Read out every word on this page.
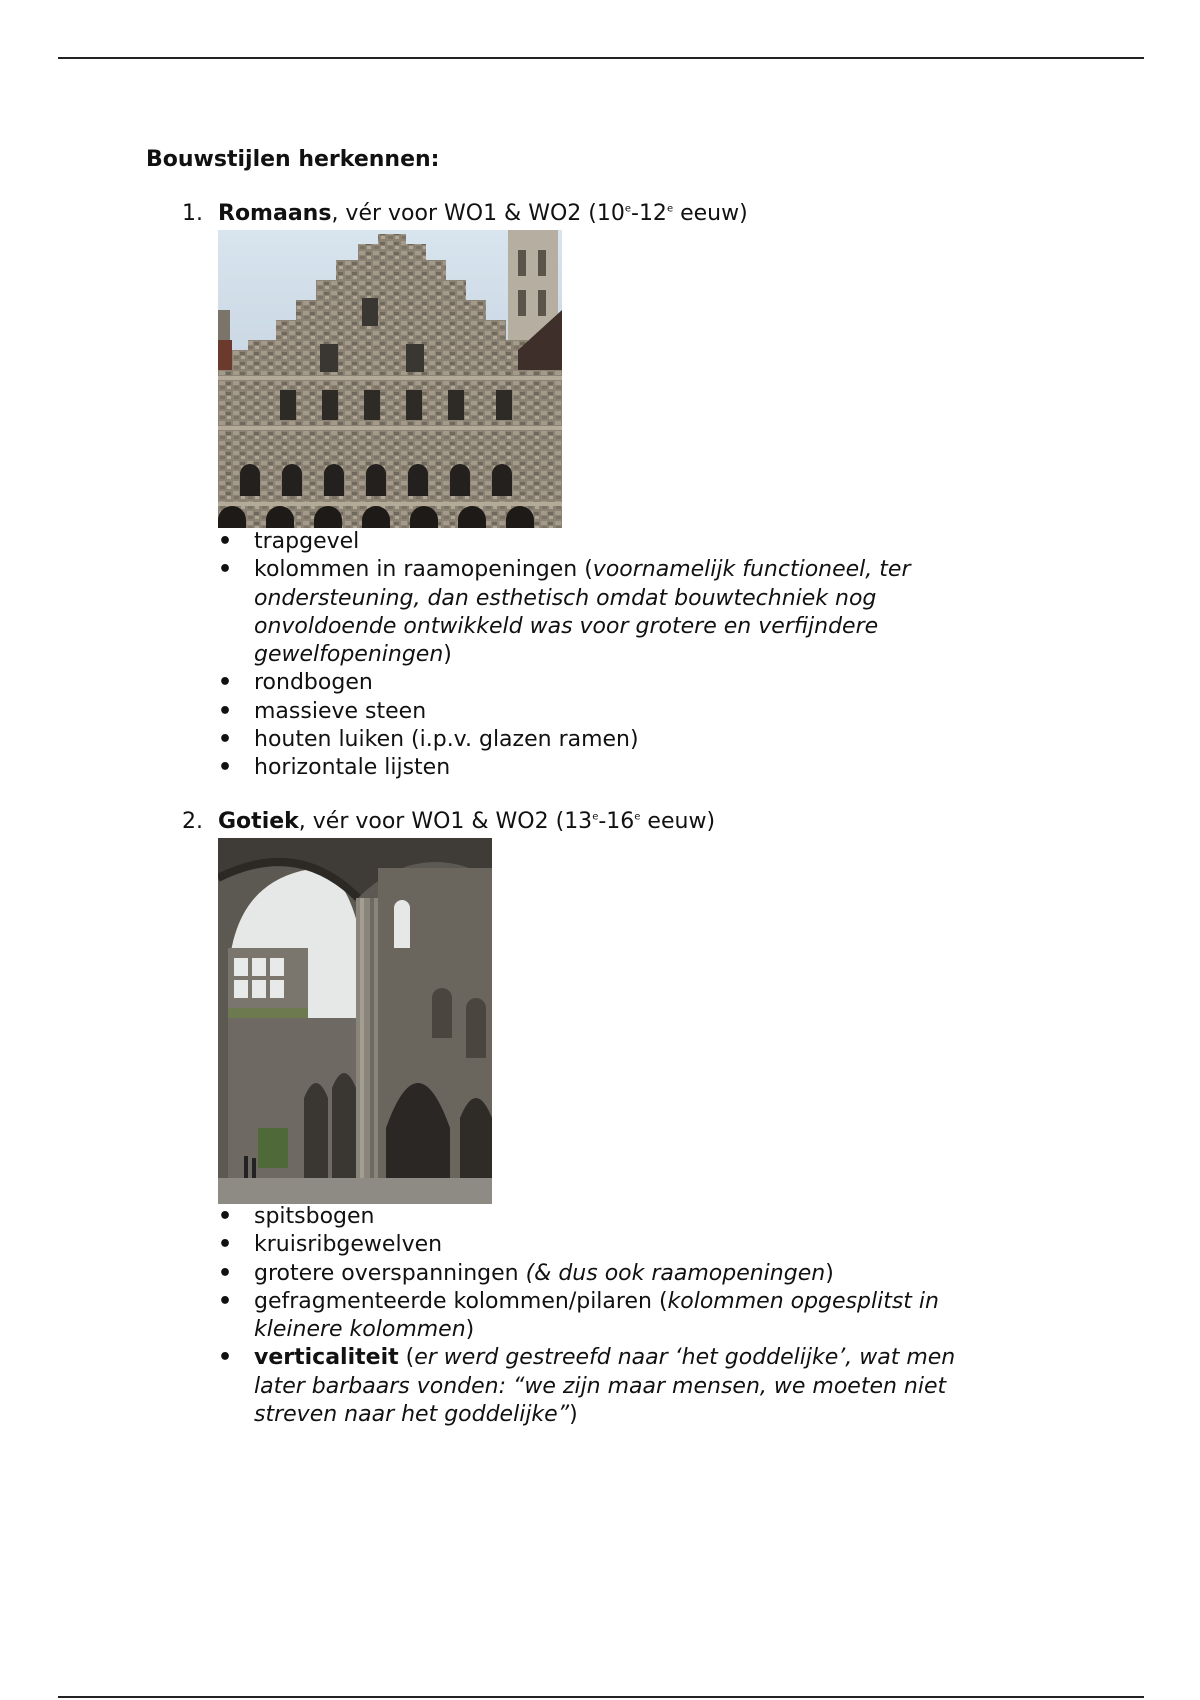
Bouwstijlen herkennen:
1. Romaans, vér voor WO1 & WO2 (10e-12e eeuw)
• trapgevel
• kolommen in raamopeningen (voornamelijk functioneel, ter ondersteuning, dan esthetisch omdat bouwtechniek nog onvoldoende ontwikkeld was voor grotere en verfijndere gewelfopeningen)
• rondbogen
• massieve steen
• houten luiken (i.p.v. glazen ramen)
• horizontale lijsten
2. Gotiek, vér voor WO1 & WO2 (13e-16e eeuw)
• spitsbogen
• kruisribgewelven
• grotere overspanningen (& dus ook raamopeningen)
• gefragmenteerde kolommen/pilaren (kolommen opgesplitst in kleinere kolommen)
• verticaliteit (er werd gestreefd naar ‘het goddelijke’, wat men later barbaars vonden: “we zijn maar mensen, we moeten niet streven naar het goddelijke”)
